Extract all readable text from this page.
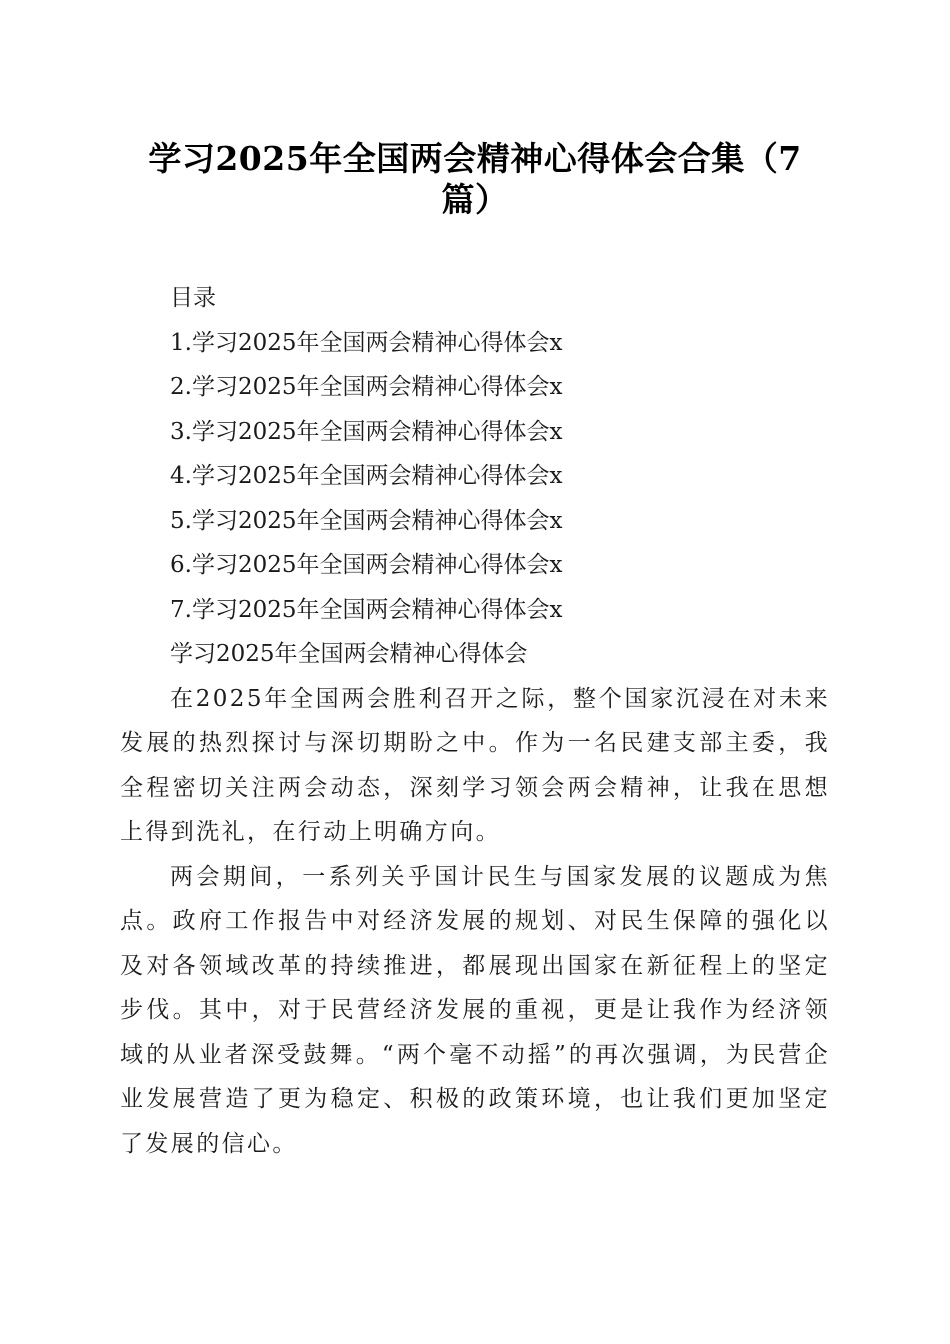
学习2025年全国两会精神心得体会合集（7
篇）
目录
1.学习2025年全国两会精神心得体会x
2.学习2025年全国两会精神心得体会x
3.学习2025年全国两会精神心得体会x
4.学习2025年全国两会精神心得体会x
5.学习2025年全国两会精神心得体会x
6.学习2025年全国两会精神心得体会x
7.学习2025年全国两会精神心得体会x
学习2025年全国两会精神心得体会

在2025年全国两会胜利召开之际，整个国家沉浸在对未来发展的热烈探讨与深切期盼之中。作为一名民建支部主委，我全程密切关注两会动态，深刻学习领会两会精神，让我在思想上得到洗礼，在行动上明确方向。

两会期间，一系列关乎国计民生与国家发展的议题成为焦点。政府工作报告中对经济发展的规划、对民生保障的强化以及对各领域改革的持续推进，都展现出国家在新征程上的坚定步伐。其中，对于民营经济发展的重视，更是让我作为经济领域的从业者深受鼓舞。“两个毫不动摇”的再次强调，为民营企业发展营造了更为稳定、积极的政策环境，也让我们更加坚定了发展的信心。
